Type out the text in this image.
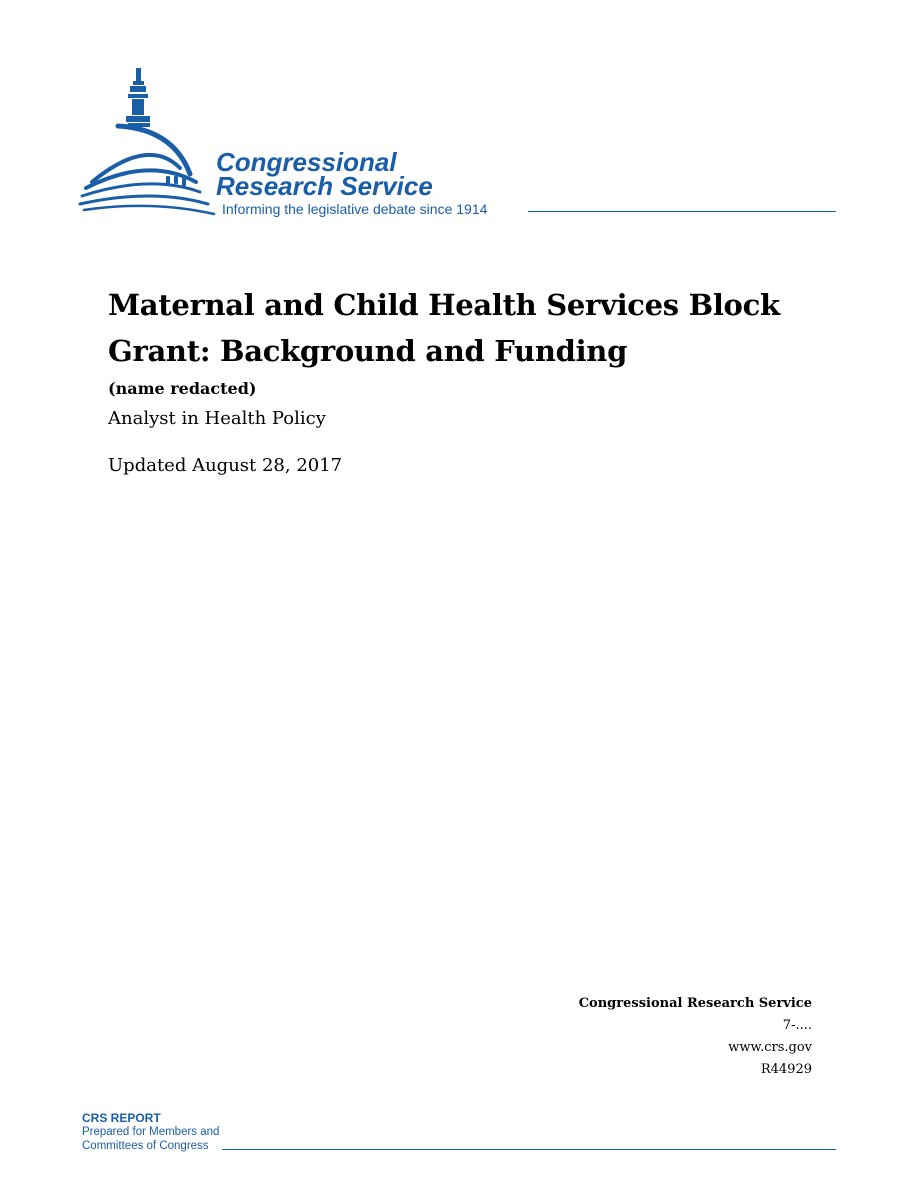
Congressional
Research Service
Informing the legislative debate since 1914
Maternal and Child Health Services Block Grant: Background and Funding
(name redacted)
Analyst in Health Policy
Updated August 28, 2017
Congressional Research Service
7-....
www.crs.gov
R44929
CRS REPORT
Prepared for Members and
Committees of Congress
